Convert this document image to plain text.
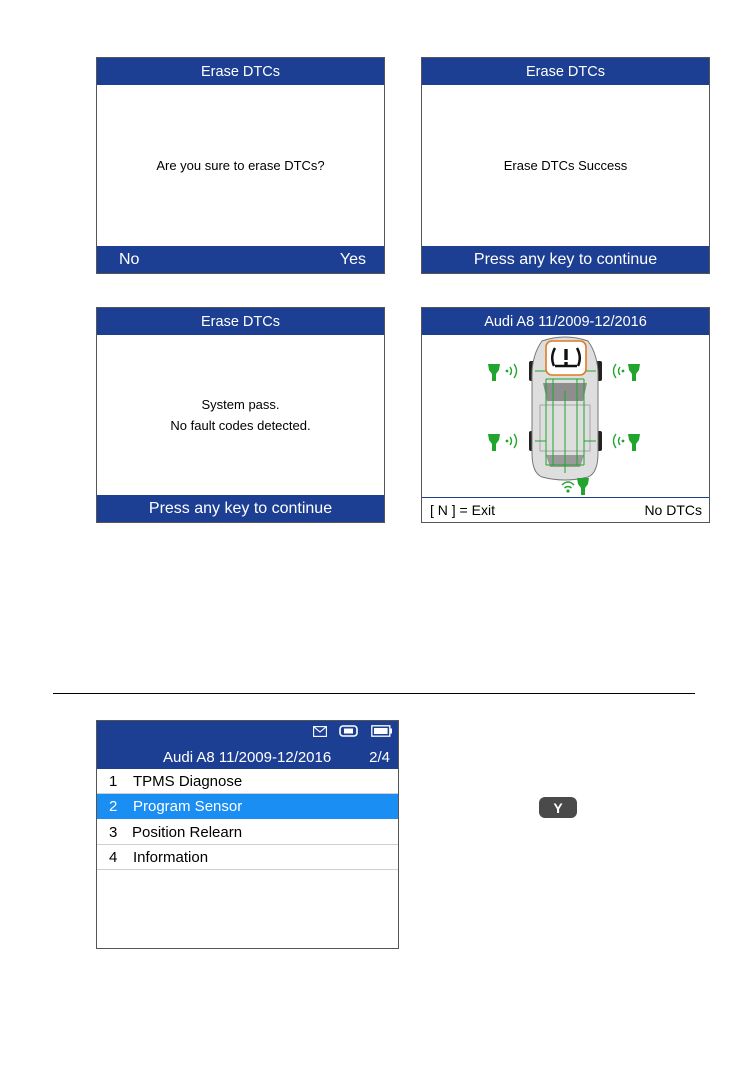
Erase DTCs
Are you sure to erase DTCs?
No	Yes
Erase DTCs
Erase DTCs Success
Press any key to continue
Erase DTCs
System pass.
No fault codes detected.
Press any key to continue
Audi A8 11/2009-12/2016
[ N ] = Exit	No DTCs
Audi A8 11/2009-12/2016	2/4
1 TPMS Diagnose
2 Program Sensor
3 Position Relearn
4 Information
Y
